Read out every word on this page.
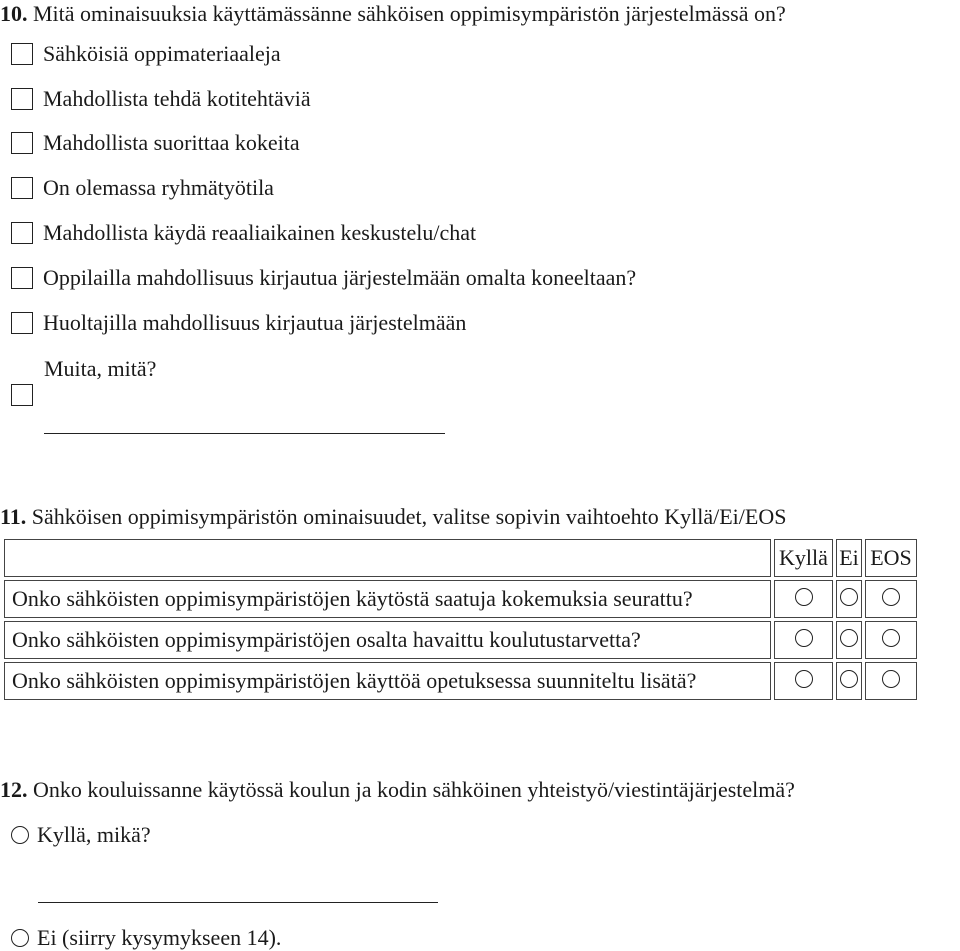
10. Mitä ominaisuuksia käyttämässänne sähköisen oppimisympäristön järjestelmässä on?
Sähköisiä oppimateriaaleja
Mahdollista tehdä kotitehtäviä
Mahdollista suorittaa kokeita
On olemassa ryhmätyötila
Mahdollista käydä reaaliaikainen keskustelu/chat
Oppilailla mahdollisuus kirjautua järjestelmään omalta koneeltaan?
Huoltajilla mahdollisuus kirjautua järjestelmään
Muita, mitä?
11. Sähköisen oppimisympäristön ominaisuudet, valitse sopivin vaihtoehto Kyllä/Ei/EOS
	Kyllä	Ei	EOS
Onko sähköisten oppimisympäristöjen käytöstä saatuja kokemuksia seurattu?			
Onko sähköisten oppimisympäristöjen osalta havaittu koulutustarvetta?			
Onko sähköisten oppimisympäristöjen käyttöä opetuksessa suunniteltu lisätä?			
12. Onko kouluissanne käytössä koulun ja kodin sähköinen yhteistyö/viestintäjärjestelmä?
Kyllä, mikä?
Ei (siirry kysymykseen 14).
